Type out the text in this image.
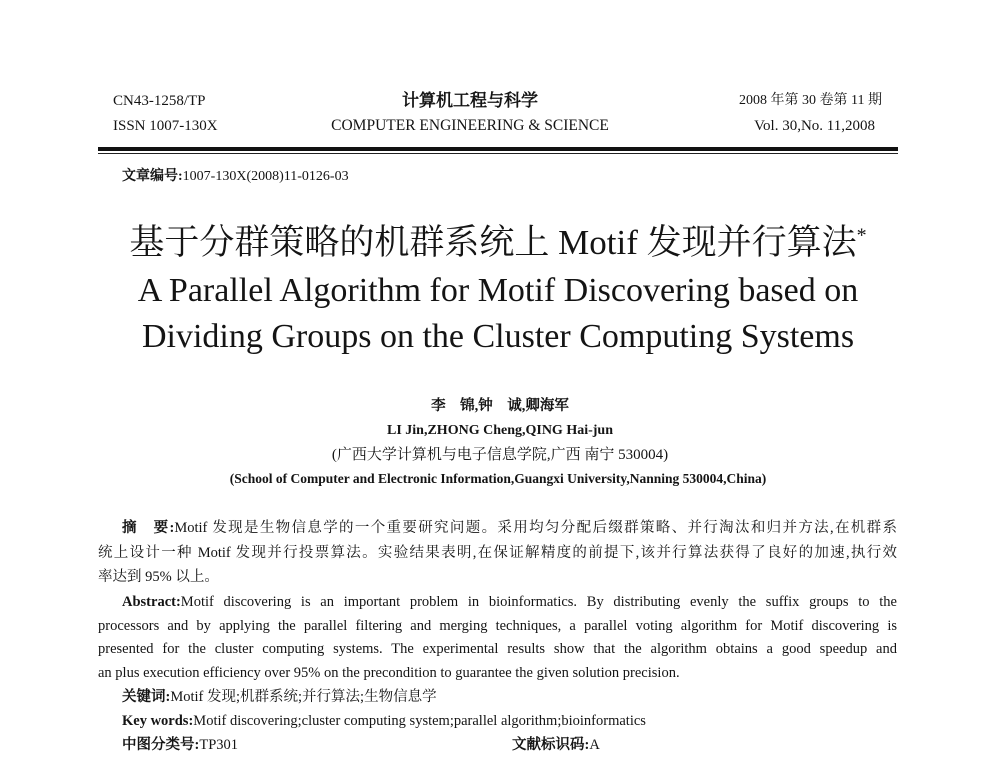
CN43-1258/TP
ISSN 1007-130X
计算机工程与科学
COMPUTER ENGINEERING & SCIENCE
2008 年第 30 卷第 11 期
Vol. 30,No. 11,2008
文章编号:1007-130X(2008)11-0126-03
基于分群策略的机群系统上 Motif 发现并行算法*
A Parallel Algorithm for Motif Discovering based on
Dividing Groups on the Cluster Computing Systems
李　锦,钟　诚,卿海军
LI Jin,ZHONG Cheng,QING Hai-jun
(广西大学计算机与电子信息学院,广西 南宁 530004)
(School of Computer and Electronic Information,Guangxi University,Nanning 530004,China)
摘　要:Motif 发现是生物信息学的一个重要研究问题。采用均匀分配后缀群策略、并行淘汰和归并方法,在机群系
统上设计一种 Motif 发现并行投票算法。实验结果表明,在保证解精度的前提下,该并行算法获得了良好的加速,执行效
率达到 95% 以上。
Abstract:Motif discovering is an important problem in bioinformatics. By distributing evenly the suffix groups to the
processors and by applying the parallel filtering and merging techniques, a parallel voting algorithm for Motif discovering is
presented for the cluster computing systems. The experimental results show that the algorithm obtains a good speedup and
an plus execution efficiency over 95% on the precondition to guarantee the given solution precision.
关键词:Motif 发现;机群系统;并行算法;生物信息学
Key words:Motif discovering;cluster computing system;parallel algorithm;bioinformatics
中图分类号:TP301	文献标识码:A
